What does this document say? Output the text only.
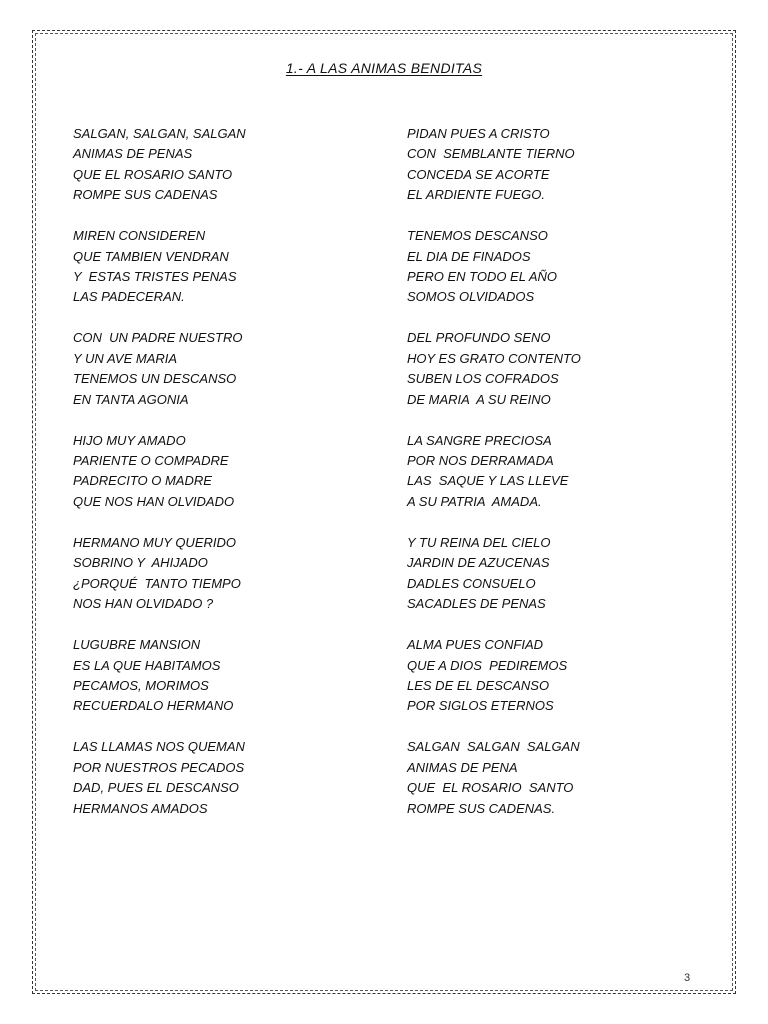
1.- A LAS ANIMAS BENDITAS
SALGAN, SALGAN, SALGAN
ANIMAS DE PENAS
QUE EL ROSARIO SANTO
ROMPE SUS CADENAS
MIREN CONSIDEREN
QUE TAMBIEN VENDRAN
Y  ESTAS TRISTES PENAS
LAS PADECERAN.
CON  UN PADRE NUESTRO
Y UN AVE MARIA
TENEMOS UN DESCANSO
EN TANTA AGONIA
HIJO MUY AMADO
PARIENTE O COMPADRE
PADRECITO O MADRE
QUE NOS HAN OLVIDADO
HERMANO MUY QUERIDO
SOBRINO Y  AHIJADO
¿PORQUÉ  TANTO TIEMPO
NOS HAN OLVIDADO ?
LUGUBRE MANSION
ES LA QUE HABITAMOS
PECAMOS, MORIMOS
RECUERDALO HERMANO
LAS LLAMAS NOS QUEMAN
POR NUESTROS PECADOS
DAD, PUES EL DESCANSO
HERMANOS AMADOS
PIDAN PUES A CRISTO
CON  SEMBLANTE TIERNO
CONCEDA SE ACORTE
EL ARDIENTE FUEGO.
TENEMOS DESCANSO
EL DIA DE FINADOS
PERO EN TODO EL AÑO
SOMOS OLVIDADOS
DEL PROFUNDO SENO
HOY ES GRATO CONTENTO
SUBEN LOS COFRADOS
DE MARIA  A SU REINO
LA SANGRE PRECIOSA
POR NOS DERRAMADA
LAS  SAQUE Y LAS LLEVE
A SU PATRIA  AMADA.
Y TU REINA DEL CIELO
JARDIN DE AZUCENAS
DADLES CONSUELO
SACADLES DE PENAS
ALMA PUES CONFIAD
QUE A DIOS  PEDIREMOS
LES DE EL DESCANSO
POR SIGLOS ETERNOS
SALGAN  SALGAN  SALGAN
ANIMAS DE PENA
QUE  EL ROSARIO  SANTO
ROMPE SUS CADENAS.
3
